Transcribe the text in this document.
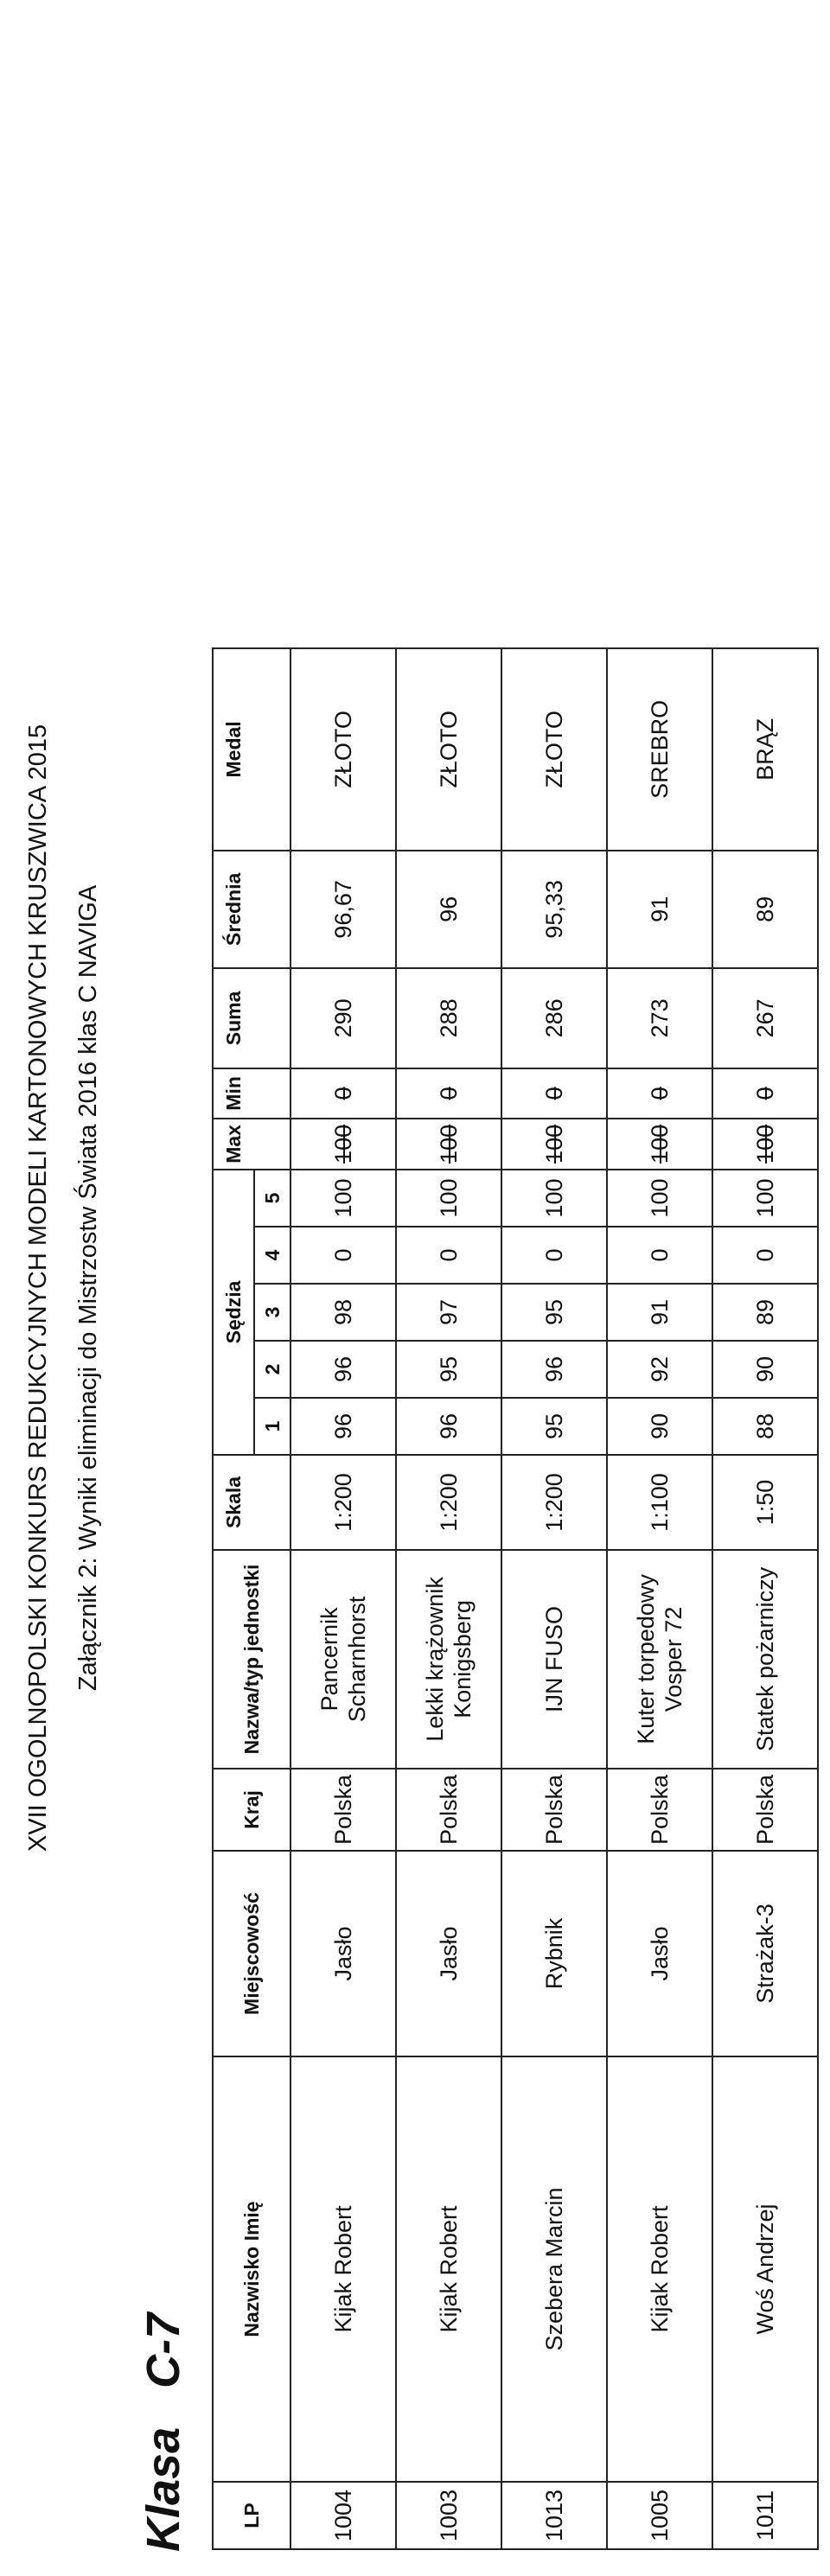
XVII OGOLNOPOLSKI KONKURS REDUKCYJNYCH MODELI KARTONOWYCH KRUSZWICA 2015 Załącznik 2: Wyniki eliminacji do Mistrzostw Świata 2016 klas C NAVIGA
Klasa   C-7
LP	Nazwisko Imię	Miejscowość	Kraj	Nazwa/typ jednostki	Skala	Sędzia					Max	Min	Suma	Średnia	Medal
						1	2	3	4	5					
1004	Kijak Robert	Jasło	Polska	Pancernik Scharnhorst	1:200	96	96	98	0	100	100	0	290	96,67	ZŁOTO
1003	Kijak Robert	Jasło	Polska	Lekki krążownik Konigsberg	1:200	96	95	97	0	100	100	0	288	96	ZŁOTO
1013	Szebera Marcin	Rybnik	Polska	IJN FUSO	1:200	95	96	95	0	100	100	0	286	95,33	ZŁOTO
1005	Kijak Robert	Jasło	Polska	Kuter torpedowy Vosper 72	1:100	90	92	91	0	100	100	0	273	91	SREBRO
1011	Woś Andrzej	Strażak-3	Polska	Statek pożarniczy	1:50	88	90	89	0	100	100	0	267	89	BRĄZ
